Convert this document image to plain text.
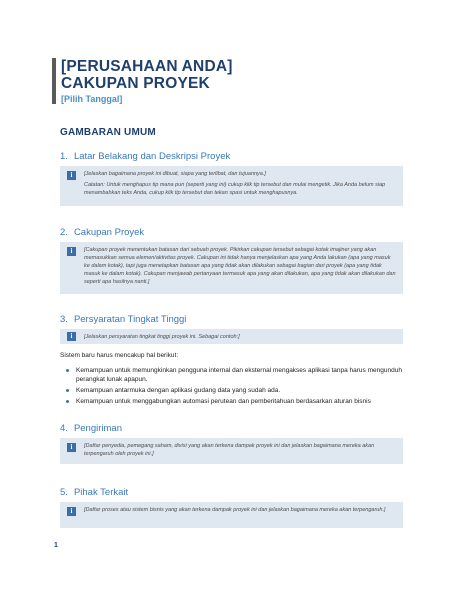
[PERUSAHAAN ANDA]
CAKUPAN PROYEK
[Pilih Tanggal]
GAMBARAN UMUM
1. Latar Belakang dan Deskripsi Proyek
i	[Jelaskan bagaimana proyek ini dibuat, siapa yang terlibat, dan tujuannya.]

Catatan: Untuk menghapus tip mana pun (seperti yang ini) cukup klik tip tersebut dan mulai mengetik. Jika Anda belum siap menambahkan teks Anda, cukup klik tip tersebut dan tekan spasi untuk menghapusnya.

2. Cakupan Proyek
i	[Cakupan proyek menentukan batasan dari sebuah proyek. Pikirkan cakupan tersebut sebagai kotak imajiner yang akan memasukkan semua elemen/aktivitas proyek. Cakupan ini tidak hanya menjelaskan apa yang Anda lakukan (apa yang masuk ke dalam kotak), tapi juga menetapkan batasan apa yang tidak akan dilakukan sebagai bagian dari proyek (apa yang tidak masuk ke dalam kotak). Cakupan menjawab pertanyaan termasuk apa yang akan dilakukan, apa yang tidak akan dilakukan dan seperti apa hasilnya nanti.]

3. Persyaratan Tingkat Tinggi
i	[Jelaskan persyaratan tingkat tinggi proyek ini. Sebagai contoh:]

Sistem baru harus mencakup hal berikut:
Kemampuan untuk memungkinkan pengguna internal dan eksternal mengakses aplikasi tanpa harus mengunduh perangkat lunak apapun.
Kemampuan antarmuka dengan aplikasi gudang data yang sudah ada.
Kemampuan untuk menggabungkan automasi perutean dan pemberitahuan berdasarkan aturan bisnis
4. Pengiriman
i	[Daftar penyedia, pemegang saham, divisi yang akan terkena dampak proyek ini dan jelaskan bagaimana mereka akan terpengaruh oleh proyek ini.]

5. Pihak Terkait
i	[Daftar proses atau sistem bisnis yang akan terkena dampak proyek ini dan jelaskan bagaimana mereka akan terpengaruh.]

1
